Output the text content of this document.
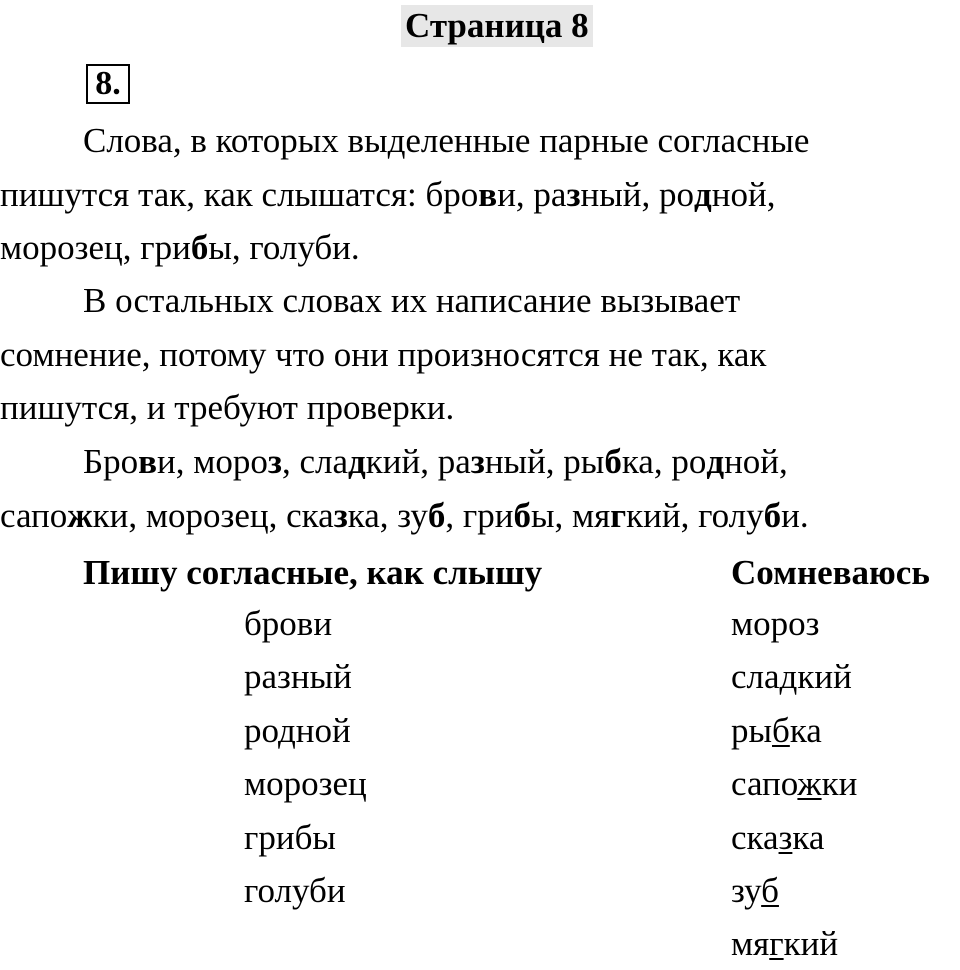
Страница 8
8.
Слова, в которых выделенные парные согласные
пишутся так, как слышатся: брови, разный, родной,
морозец, грибы, голуби.
В остальных словах их написание вызывает
сомнение, потому что они произносятся не так, как
пишутся, и требуют проверки.
Брови, мороз, сладкий, разный, рыбка, родной,
сапожки, морозец, сказка, зуб, грибы, мягкий, голуби.
Пишу согласные, как слышу	Сомневаюсь
брови
разный
родной
морозец
грибы
голуби
мороз
сладкий
рыбка
сапожки
сказка
зуб
мягкий
